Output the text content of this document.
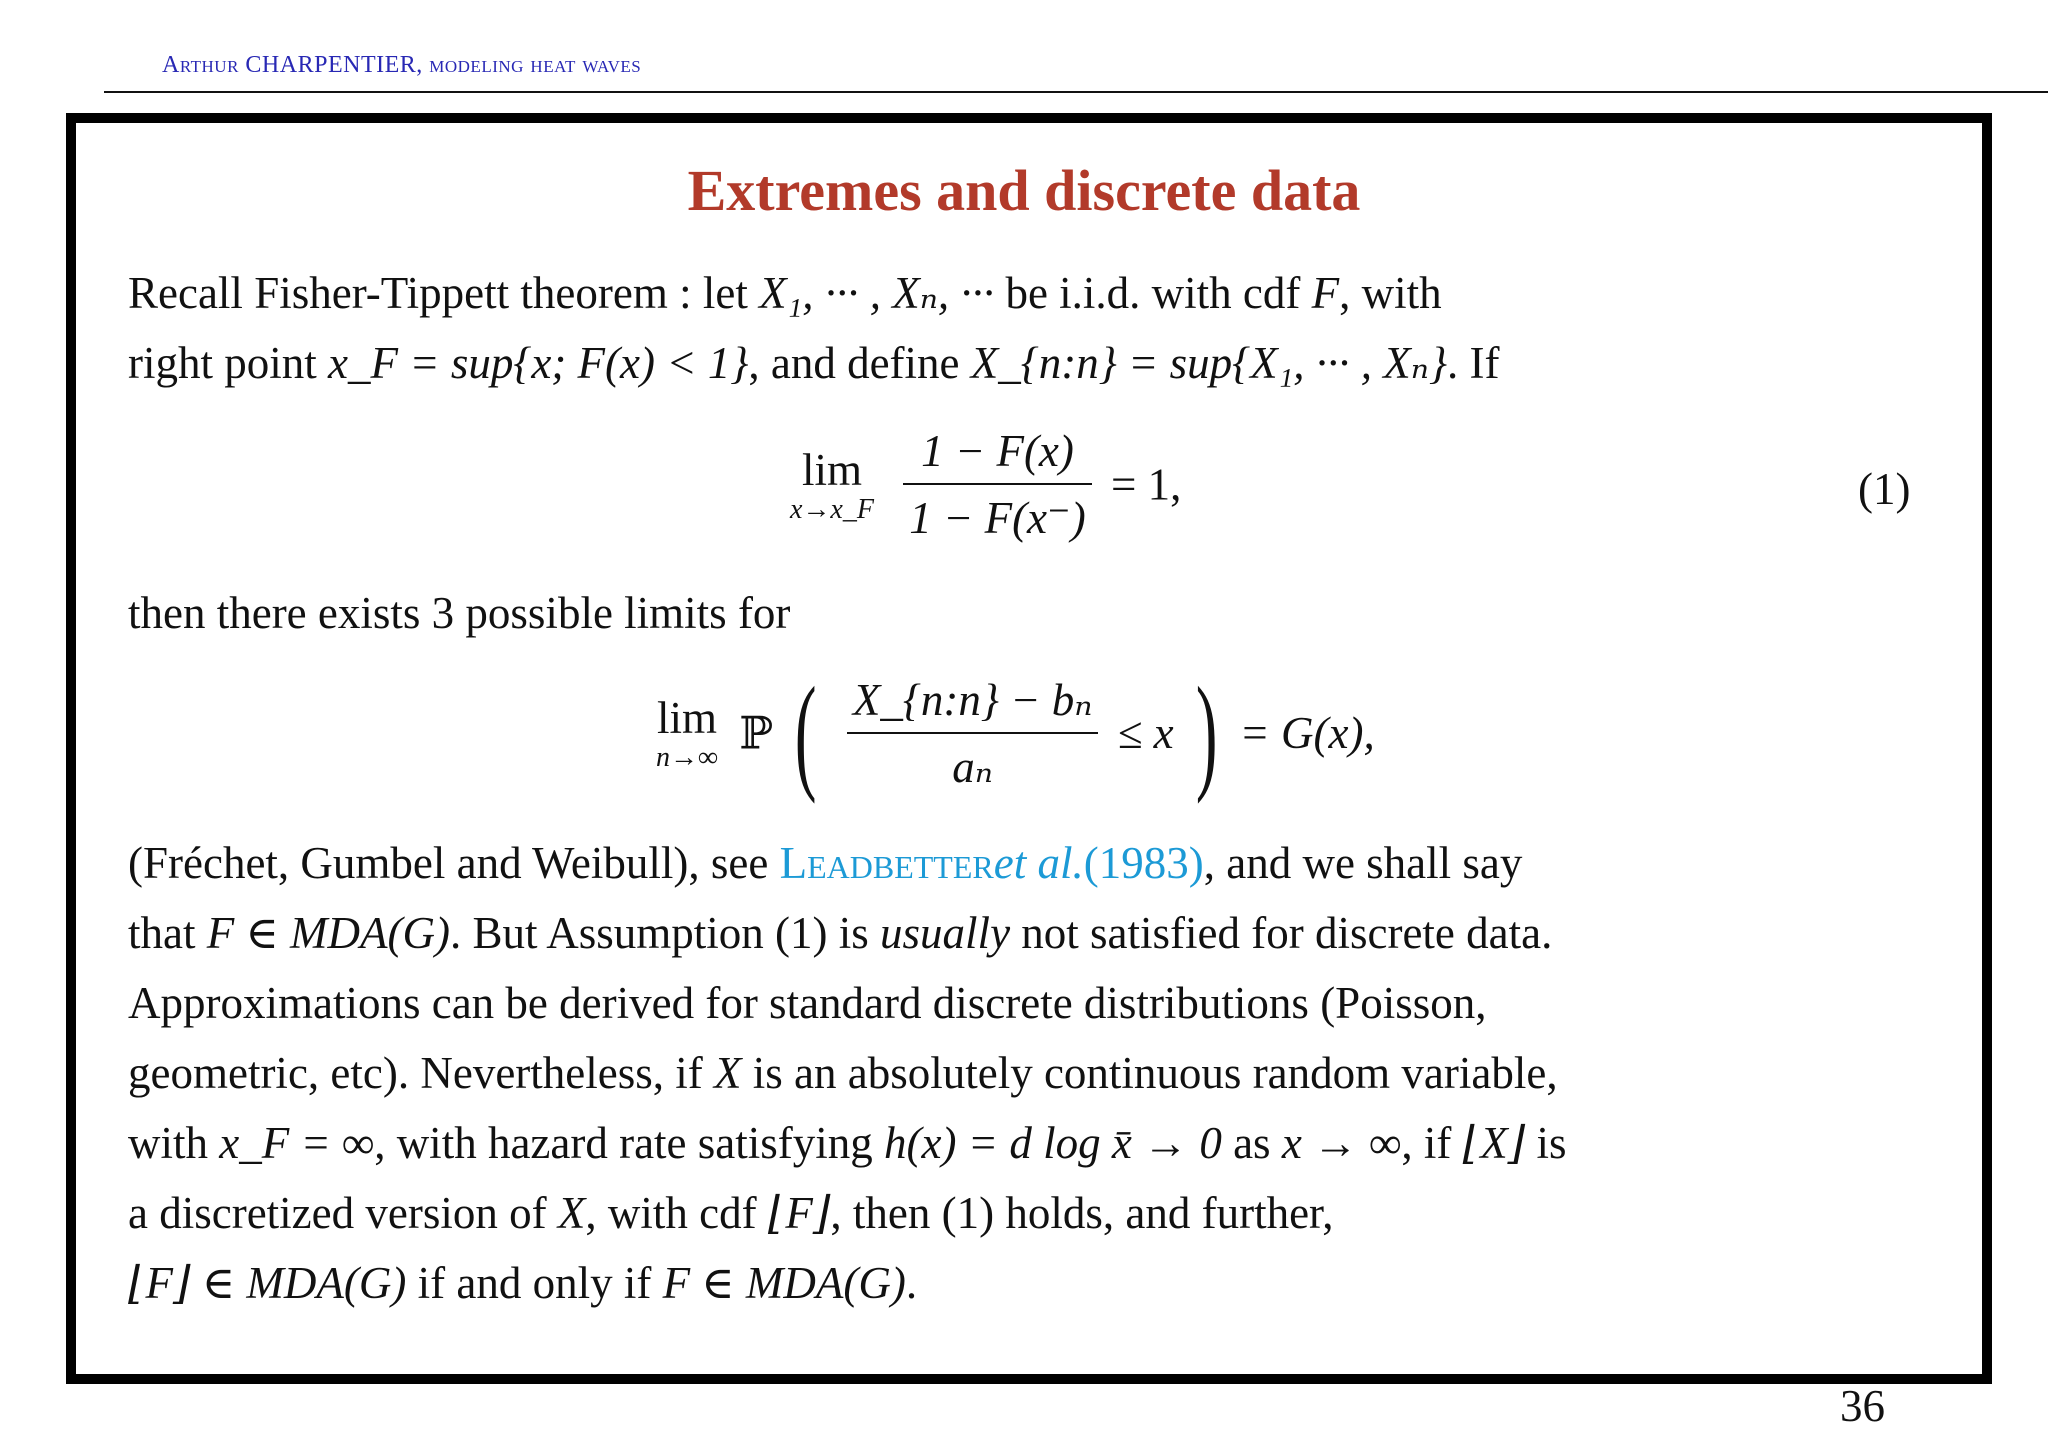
Arthur CHARPENTIER, modeling heat waves
Extremes and discrete data
Recall Fisher-Tippett theorem : let X₁, ··· , Xₙ, ··· be i.i.d. with cdf F, with
right point x_F = sup{x; F(x) < 1}, and define X_{n:n} = sup{X₁, ··· , Xₙ}. If
lim
x→x_F
$\frac{1 - F(x)}{1 - F(x^-)} = 1$,	(1)
then there exists 3 possible limits for
lim
n→∞ ℙ ( $\frac{\text{X\_\{n:n\} − bₙ}}{\text{aₙ}} \le x$ ) = G(x),
(Fréchet, Gumbel and Weibull), see Leadbetteret al.(1983), and we shall say
that F ∈ MDA(G). But Assumption (1) is usually not satisfied for discrete data.
Approximations can be derived for standard discrete distributions (Poisson,
geometric, etc). Nevertheless, if X is an absolutely continuous random variable,
with x_F = ∞, with hazard rate satisfying h(x) = d log x̄ → 0 as x → ∞, if ⌊X⌋ is
a discretized version of X, with cdf ⌊F⌋, then (1) holds, and further,
⌊F⌋ ∈ MDA(G) if and only if F ∈ MDA(G).
36
